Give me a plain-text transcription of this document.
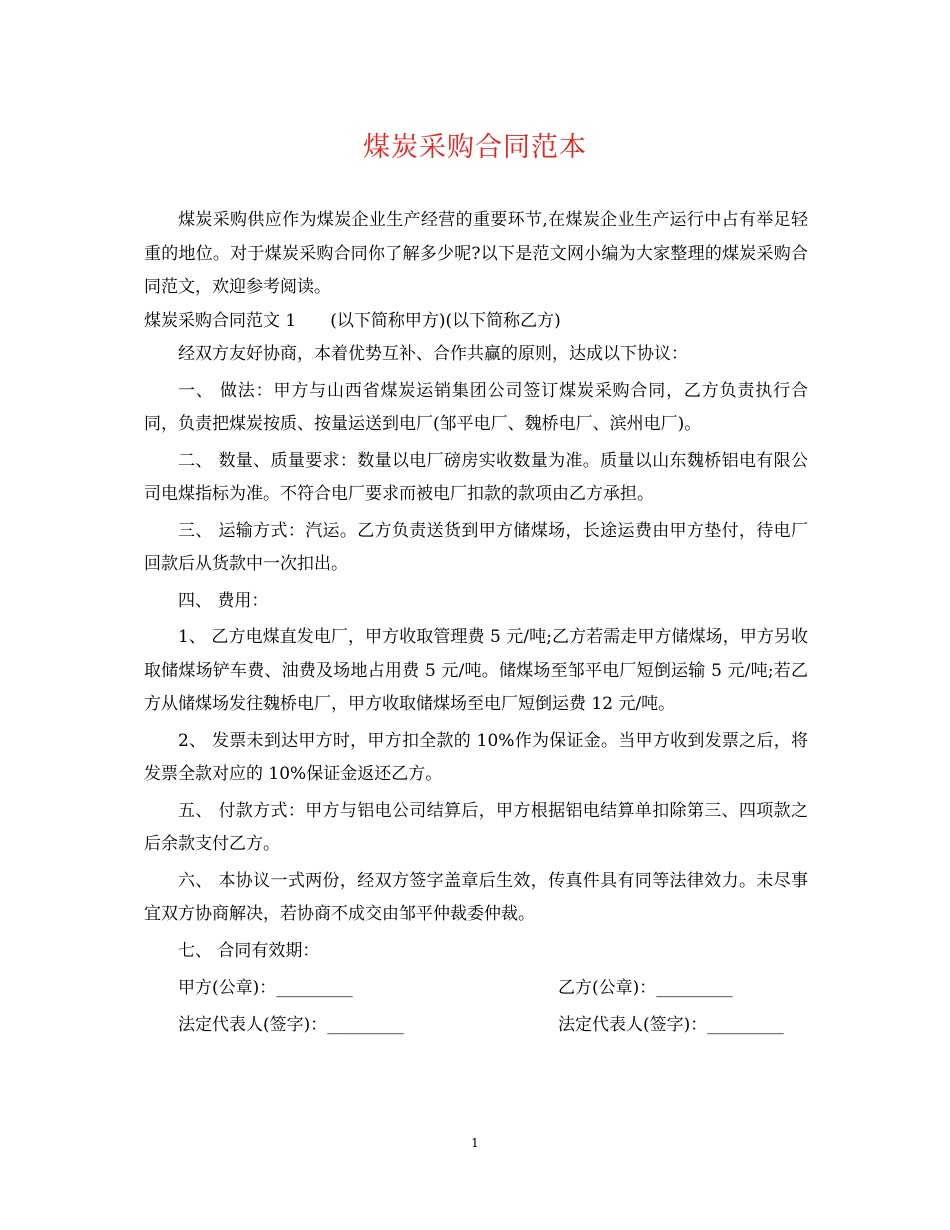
煤炭采购合同范本

煤炭采购供应作为煤炭企业生产经营的重要环节,在煤炭企业生产运行中占有举足轻重的地位。对于煤炭采购合同你了解多少呢?以下是范文网小编为大家整理的煤炭采购合同范文，欢迎参考阅读。

煤炭采购合同范文 1　　(以下简称甲方)(以下简称乙方)

经双方友好协商，本着优势互补、合作共赢的原则，达成以下协议：

一、 做法：甲方与山西省煤炭运销集团公司签订煤炭采购合同，乙方负责执行合同，负责把煤炭按质、按量运送到电厂(邹平电厂、魏桥电厂、滨州电厂)。

二、 数量、质量要求：数量以电厂磅房实收数量为准。质量以山东魏桥铝电有限公司电煤指标为准。不符合电厂要求而被电厂扣款的款项由乙方承担。

三、 运输方式：汽运。乙方负责送货到甲方储煤场，长途运费由甲方垫付，待电厂回款后从货款中一次扣出。

四、 费用：

1、 乙方电煤直发电厂，甲方收取管理费 5 元/吨;乙方若需走甲方储煤场，甲方另收取储煤场铲车费、油费及场地占用费 5 元/吨。储煤场至邹平电厂短倒运输 5 元/吨;若乙方从储煤场发往魏桥电厂，甲方收取储煤场至电厂短倒运费 12 元/吨。

2、 发票未到达甲方时，甲方扣全款的 10%作为保证金。当甲方收到发票之后，将发票全款对应的 10%保证金返还乙方。

五、 付款方式：甲方与铝电公司结算后，甲方根据铝电结算单扣除第三、四项款之后余款支付乙方。

六、 本协议一式两份，经双方签字盖章后生效，传真件具有同等法律效力。未尽事宜双方协商解决，若协商不成交由邹平仲裁委仲裁。

七、 合同有效期：

甲方(公章)：_________	乙方(公章)：_________
法定代表人(签字)：_________	法定代表人(签字)：_________
1
